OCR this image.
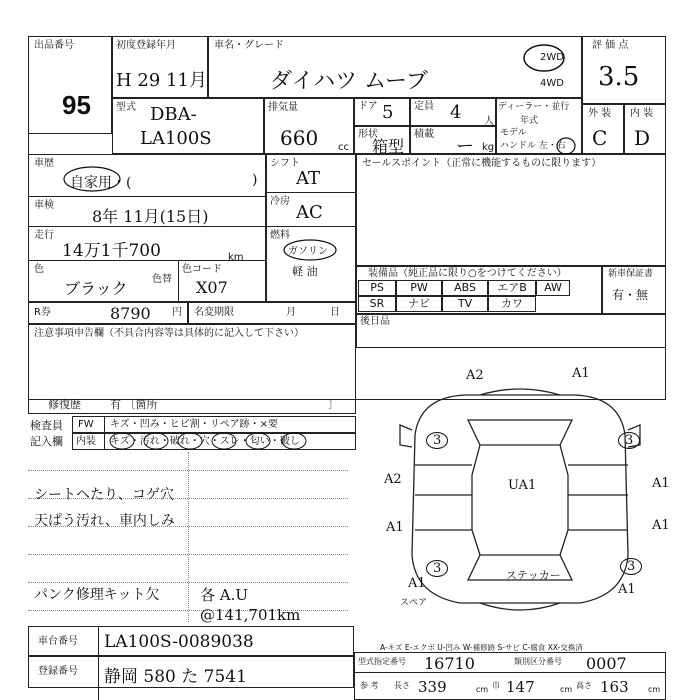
出品番号
95
初度登録年月
H 29 11月
車名・グレード
ダイハツ ムーブ
2WD
4WD
評 価 点
3.5
型式 DBA-
LA100S
排気量
660 cc
ドア 5 定員 4 人
形状
箱型
積載
ー kg
ディーラー・並行
年式
モデル
ハンドル 左・右
外 装 内 装
C D
車歴
自家用・(	)
車検
8年 11月(15日)
走行
14万1千700	km
色
ブラック 色替
色コード
X07
シフト
AT
冷房
AC
燃料
ガソリン
軽 油
セールスポイント（正常に機能するものに限ります）
R券	8790 円 名変期限	月	日
装備品（純正品に限り○をつけてください）
PS	PW	ABS	エアB	AW
SR	ナビ	TV	カワ
新車保証書
有・無
後日品
注意事項申告欄（不具合内容等は具体的に記入して下さい）
修復歴	有 〔箇所	〕
検査員
記入欄
FW キズ・凹み・ヒビ割・リペア跡・×要
内装 キズ・汚れ・破れ・穴・スレ・匂い・破し
シートヘたり、コゲ穴
天ぱう汚れ、車内しみ
パンク修理キット欠	各 A.U
@141,701km
A2	A1
A2	A1
A1	A1
A1
UA1
A1
3	3
3	3
スペア
ステッカー
A-キズ E-エクボ U-凹み W-補修跡 S-サビ C-腐食 XX-交換済
車台番号 LA100S-0089038
登録番号 静岡 580 た 7541
型式指定番号 16710	類別区分番号 0007
参 考 長さ 339	cm 巾 147	cm 高さ 163 cm
